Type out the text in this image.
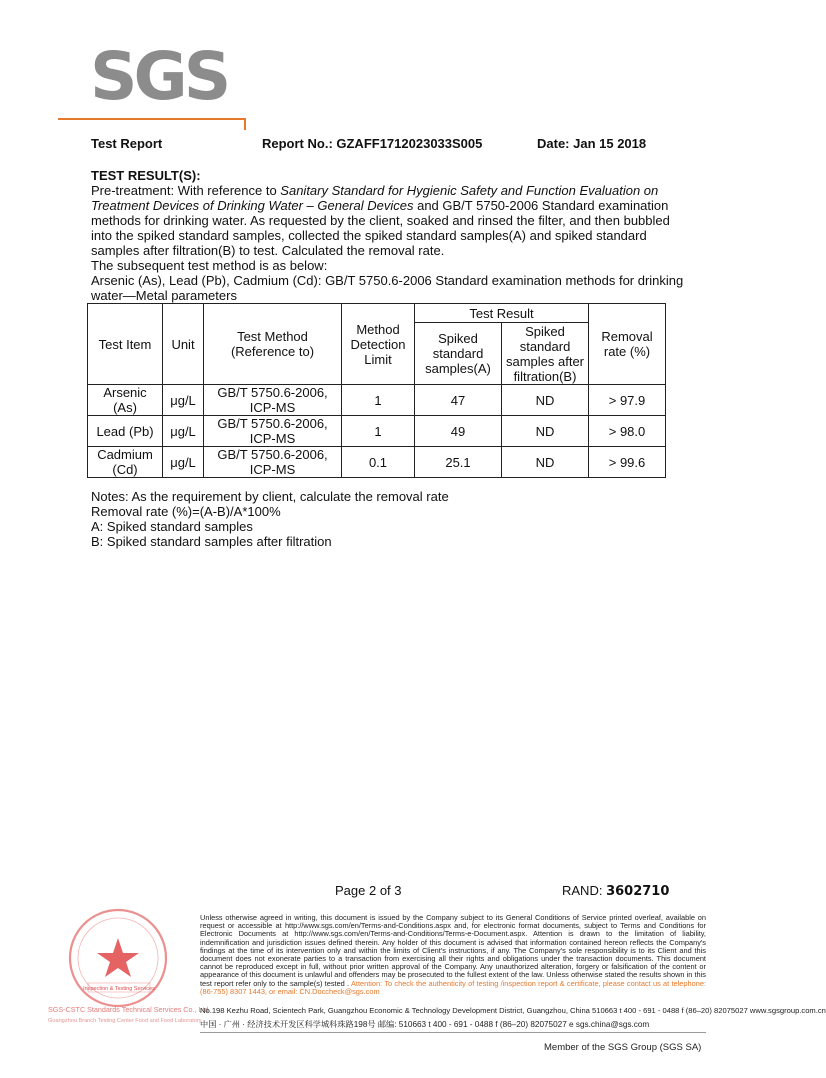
SGS
Test Report	Report No.: GZAFF1712023033S005	Date: Jan 15 2018

TEST RESULT(S):

Pre-treatment: With reference to Sanitary Standard for Hygienic Safety and Function Evaluation on Treatment Devices of Drinking Water – General Devices and GB/T 5750-2006 Standard examination methods for drinking water. As requested by the client, soaked and rinsed the filter, and then bubbled into the spiked standard samples, collected the spiked standard samples(A) and spiked standard samples after filtration(B) to test. Calculated the removal rate.

The subsequent test method is as below:

Arsenic (As), Lead (Pb), Cadmium (Cd): GB/T 5750.6-2006 Standard examination methods for drinking water—Metal parameters

Test Item	Unit	Test Method (Reference to)	Method Detection Limit	Test Result		Removal rate (%)
				Spiked standard samples(A)	Spiked standard samples after filtration(B)	
Arsenic (As)	μg/L	GB/T 5750.6-2006, ICP-MS	1	47	ND	> 97.9
Lead (Pb)	μg/L	GB/T 5750.6-2006, ICP-MS	1	49	ND	> 98.0
Cadmium (Cd)	μg/L	GB/T 5750.6-2006, ICP-MS	0.1	25.1	ND	> 99.6
Notes: As the requirement by client, calculate the removal rate
Removal rate (%)=(A-B)/A*100%
A: Spiked standard samples
B: Spiked standard samples after filtration
Page 2 of 3	RAND: 3602710
Inspection & Testing Services
SGS-CSTC Standards Technical Services Co., Ltd.
Guangzhou Branch Testing Center Food and Food Laboratory
Unless otherwise agreed in writing, this document is issued by the Company subject to its General Conditions of Service printed overleaf, available on request or accessible at http://www.sgs.com/en/Terms-and-Conditions.aspx and, for electronic format documents, subject to Terms and Conditions for Electronic Documents at http://www.sgs.com/en/Terms-and-Conditions/Terms-e-Document.aspx. Attention is drawn to the limitation of liability, indemnification and jurisdiction issues defined therein. Any holder of this document is advised that information contained hereon reflects the Company's findings at the time of its intervention only and within the limits of Client's instructions, if any. The Company's sole responsibility is to its Client and this document does not exonerate parties to a transaction from exercising all their rights and obligations under the transaction documents. This document cannot be reproduced except in full, without prior written approval of the Company. Any unauthorized alteration, forgery or falsification of the content or appearance of this document is unlawful and offenders may be prosecuted to the fullest extent of the law. Unless otherwise stated the results shown in this test report refer only to the sample(s) tested . Attention: To check the authenticity of testing /inspection report & certificate, please contact us at telephone: (86-755) 8307 1443, or email: CN.Doccheck@sgs.com
No.198 Kezhu Road, Scientech Park, Guangzhou Economic & Technology Development District, Guangzhou, China 510663 t 400 - 691 - 0488 f (86–20) 82075027 www.sgsgroup.com.cn
中国 · 广州 · 经济技术开发区科学城科珠路198号 邮编: 510663 t 400 - 691 - 0488 f (86–20) 82075027 e sgs.china@sgs.com
Member of the SGS Group (SGS SA)
